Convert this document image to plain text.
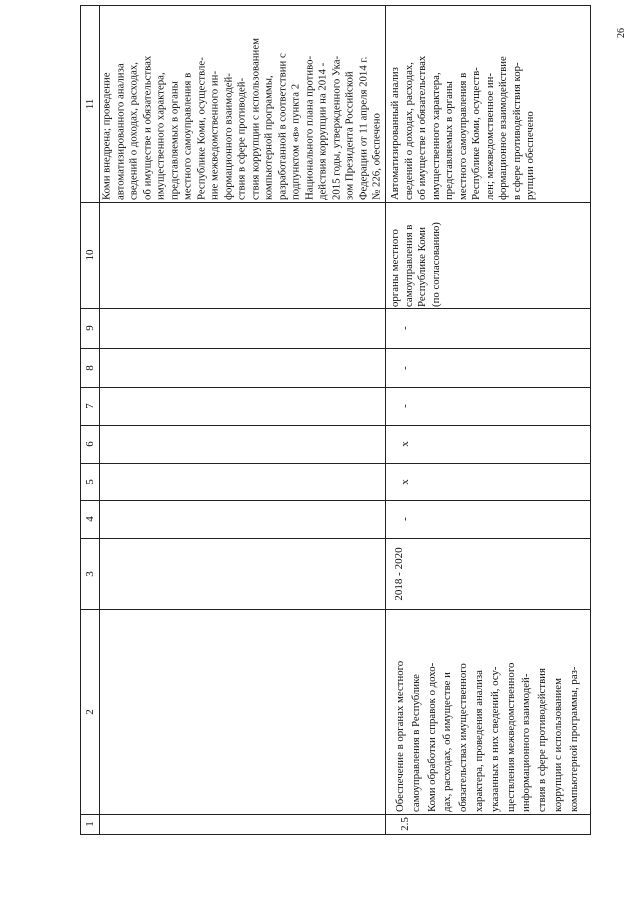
26
1
2
3
4
5
6
7
8
9
10
11
Коми внедрена; проведение
автоматизированного анализа
сведений о доходах, расходах,
об имуществе и обязательствах
имущественного характера,
представляемых в органы
местного самоуправления в
Республике Коми, осуществле-
ние межведомственного ин-
формационного взаимодей-
ствия в сфере противодей-
ствия коррупции с использованием
компьютерной программы,
разработанной в соответствии с
подпунктом «в» пункта 2
Национального плана противо-
действия коррупции на 2014 -
2015 годы, утвержденного Ука-
зом Президента Российской
Федерации от 11 апреля 2014 г.
№ 226, обеспечено
2.5
Обеспечение в органах местного
самоуправления в Республике
Коми обработки справок о дохо-
дах, расходах, об имуществе и
обязательствах имущественного
характера, проведения анализа
указанных в них сведений, осу-
ществления межведомственного
информационного взаимодей-
ствия в сфере противодействия
коррупции с использованием
компьютерной программы, раз-
2018 - 2020
-
х
х
-
-
-
органы местного
самоуправления в
Республике Коми
(по согласованию)
Автоматизированный анализ
сведений о доходах, расходах,
об имуществе и обязательствах
имущественного характера,
представляемых в органы
местного самоуправления в
Республике Коми, осуществ-
лен; межведомственное ин-
формационное взаимодействие
в сфере противодействия кор-
рупции обеспечено
